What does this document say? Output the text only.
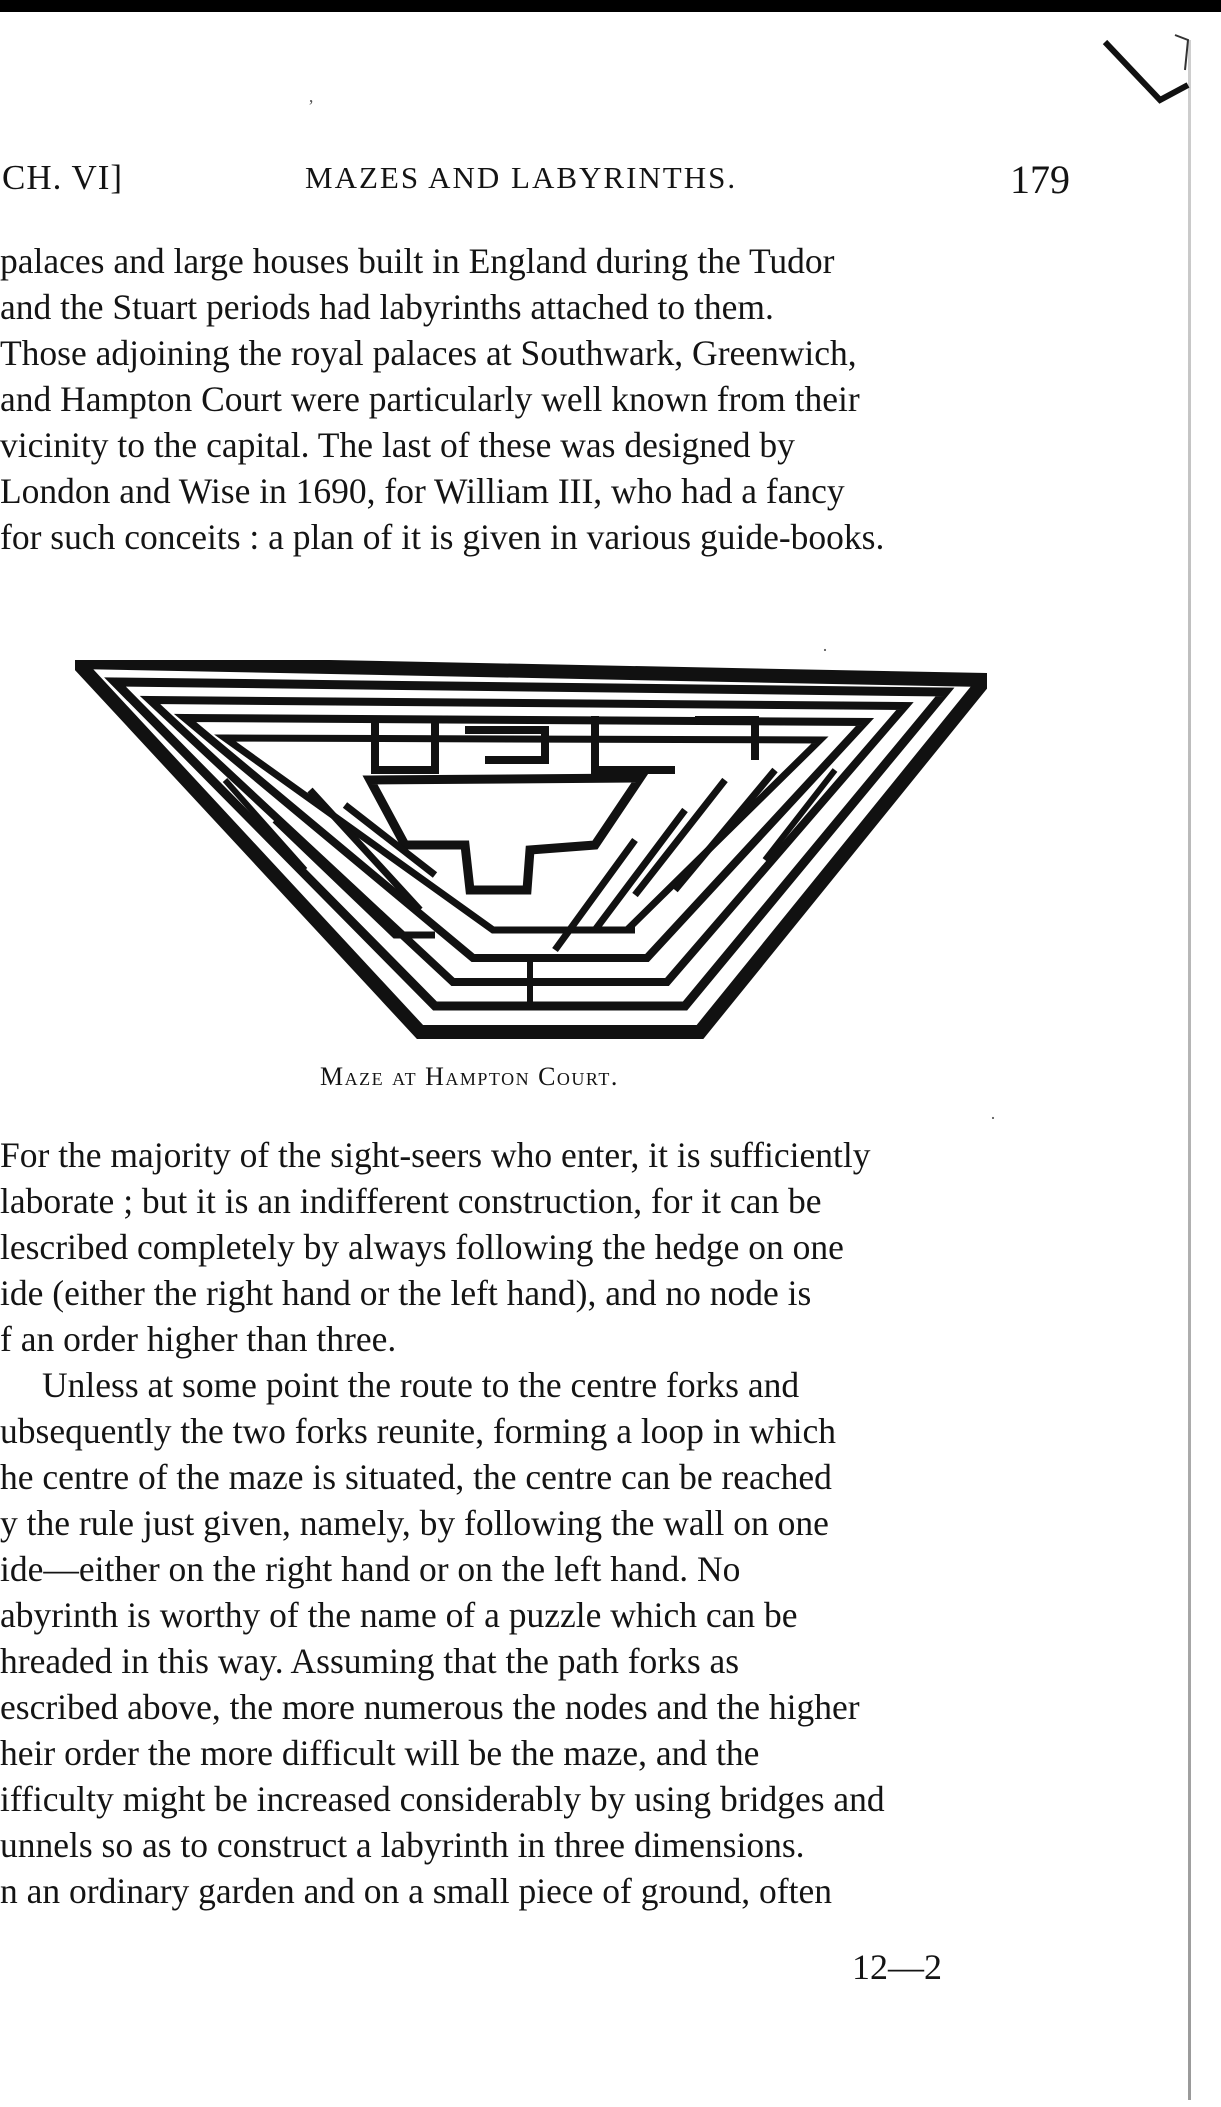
ʼ
·
·
CH. VI]	MAZES AND LABYRINTHS.	179
palaces and large houses built in England during the Tudor
and the Stuart periods had labyrinths attached to them.
Those adjoining the royal palaces at Southwark, Greenwich,
and Hampton Court were particularly well known from their
vicinity to the capital. The last of these was designed by
London and Wise in 1690, for William III, who had a fancy
for such conceits : a plan of it is given in various guide-books.
Maze at Hampton Court.
For the majority of the sight-seers who enter, it is sufficiently
laborate ; but it is an indifferent construction, for it can be
lescribed completely by always following the hedge on one
ide (either the right hand or the left hand), and no node is
f an order higher than three.
Unless at some point the route to the centre forks and
ubsequently the two forks reunite, forming a loop in which
he centre of the maze is situated, the centre can be reached
y the rule just given, namely, by following the wall on one
ide—either on the right hand or on the left hand. No
abyrinth is worthy of the name of a puzzle which can be
hreaded in this way. Assuming that the path forks as
escribed above, the more numerous the nodes and the higher
heir order the more difficult will be the maze, and the
ifficulty might be increased considerably by using bridges and
unnels so as to construct a labyrinth in three dimensions.
n an ordinary garden and on a small piece of ground, often
12—2
